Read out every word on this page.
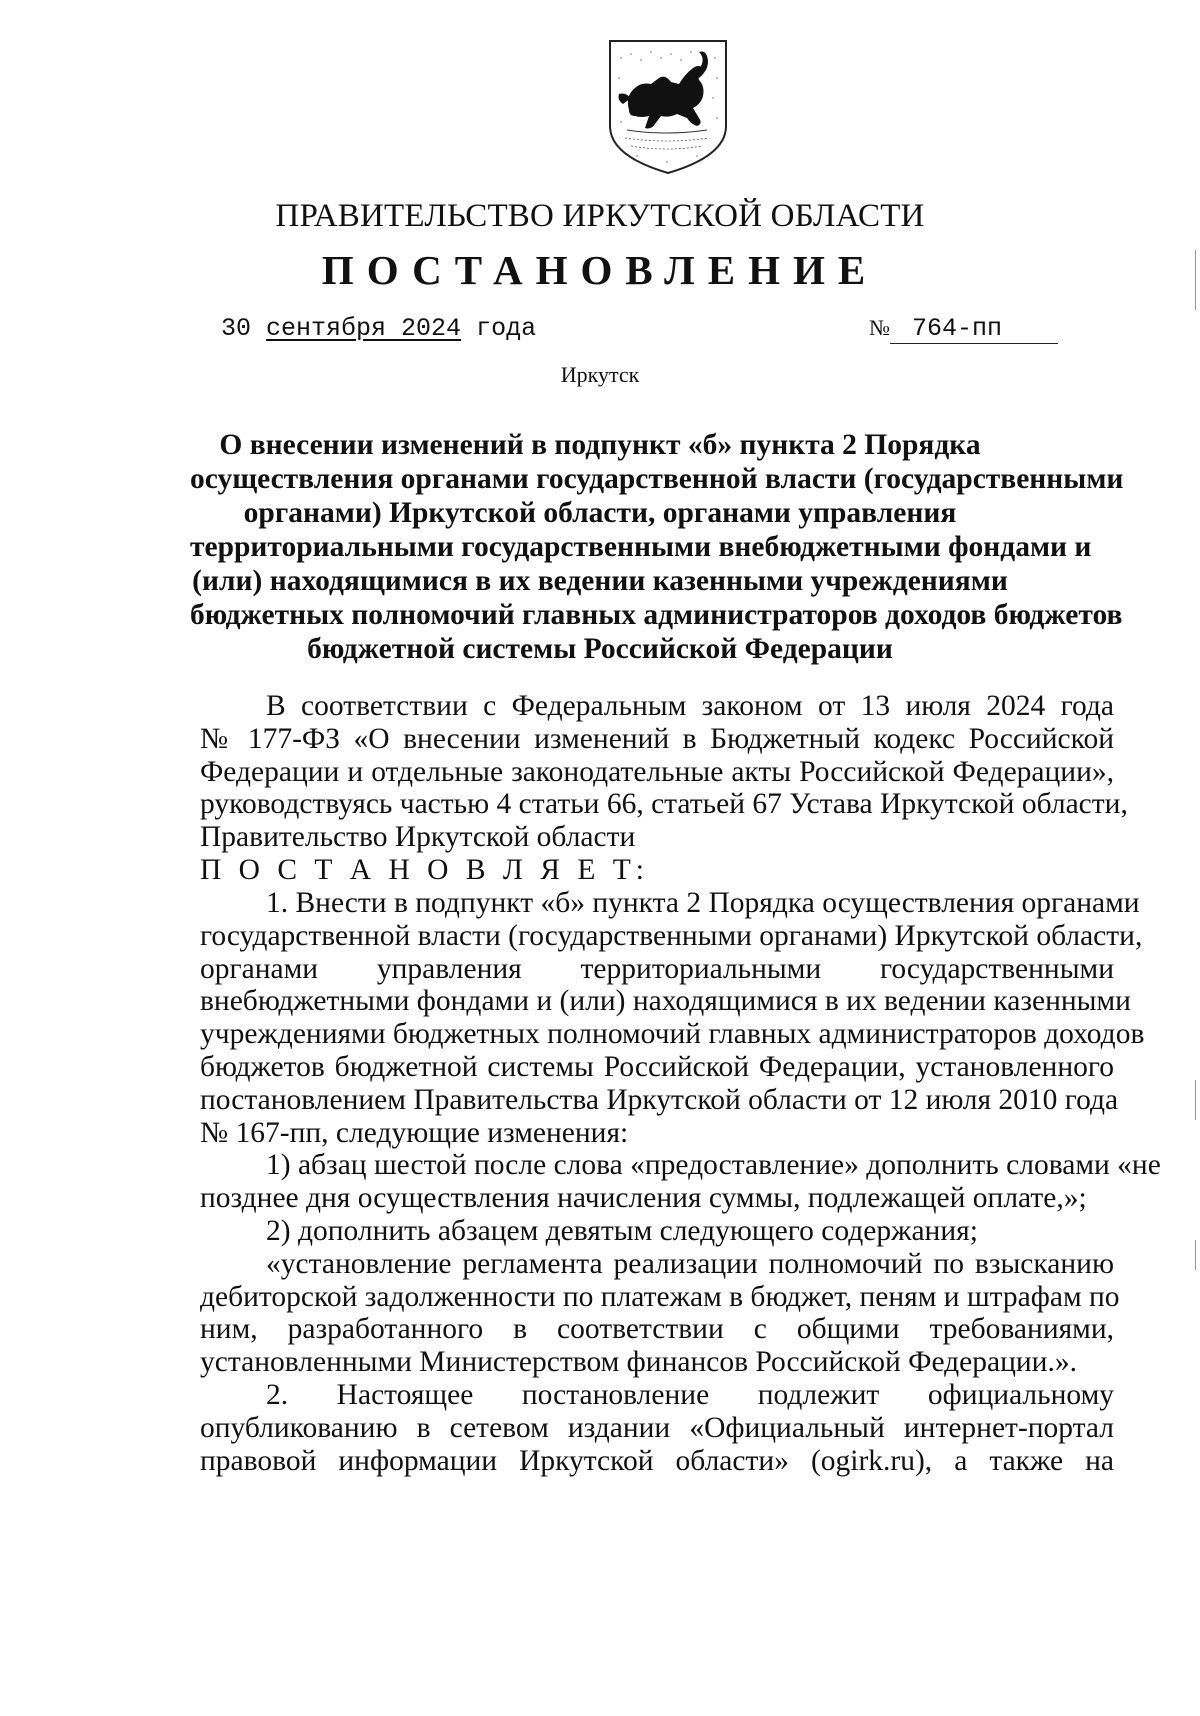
ПРАВИТЕЛЬСТВО ИРКУТСКОЙ ОБЛАСТИ
ПОСТАНОВЛЕНИЕ
30 сентября 2024 года	№ 764-пп
Иркутск
О внесении изменений в подпункт «б» пункта 2 Порядка
осуществления органами государственной власти (государственными
органами) Иркутской области, органами управления
территориальными государственными внебюджетными фондами и
(или) находящимися в их ведении казенными учреждениями
бюджетных полномочий главных администраторов доходов бюджетов
бюджетной системы Российской Федерации
В соответствии с Федеральным законом от 13 июля 2024 года
№ 177-ФЗ «О внесении изменений в Бюджетный кодекс Российской
Федерации и отдельные законодательные акты Российской Федерации»,
руководствуясь частью 4 статьи 66, статьей 67 Устава Иркутской области,
Правительство Иркутской области
П О С Т А Н О В Л Я Е Т:
1. Внести в подпункт «б» пункта 2 Порядка осуществления органами
государственной власти (государственными органами) Иркутской области,
органами управления территориальными государственными
внебюджетными фондами и (или) находящимися в их ведении казенными
учреждениями бюджетных полномочий главных администраторов доходов
бюджетов бюджетной системы Российской Федерации, установленного
постановлением Правительства Иркутской области от 12 июля 2010 года
№ 167-пп, следующие изменения:
1) абзац шестой после слова «предоставление» дополнить словами «не
позднее дня осуществления начисления суммы, подлежащей оплате,»;
2) дополнить абзацем девятым следующего содержания;
«установление регламента реализации полномочий по взысканию
дебиторской задолженности по платежам в бюджет, пеням и штрафам по
ним, разработанного в соответствии с общими требованиями,
установленными Министерством финансов Российской Федерации.».
2. Настоящее постановление подлежит официальному
опубликованию в сетевом издании «Официальный интернет-портал
правовой информации Иркутской области» (ogirk.ru), а также на
